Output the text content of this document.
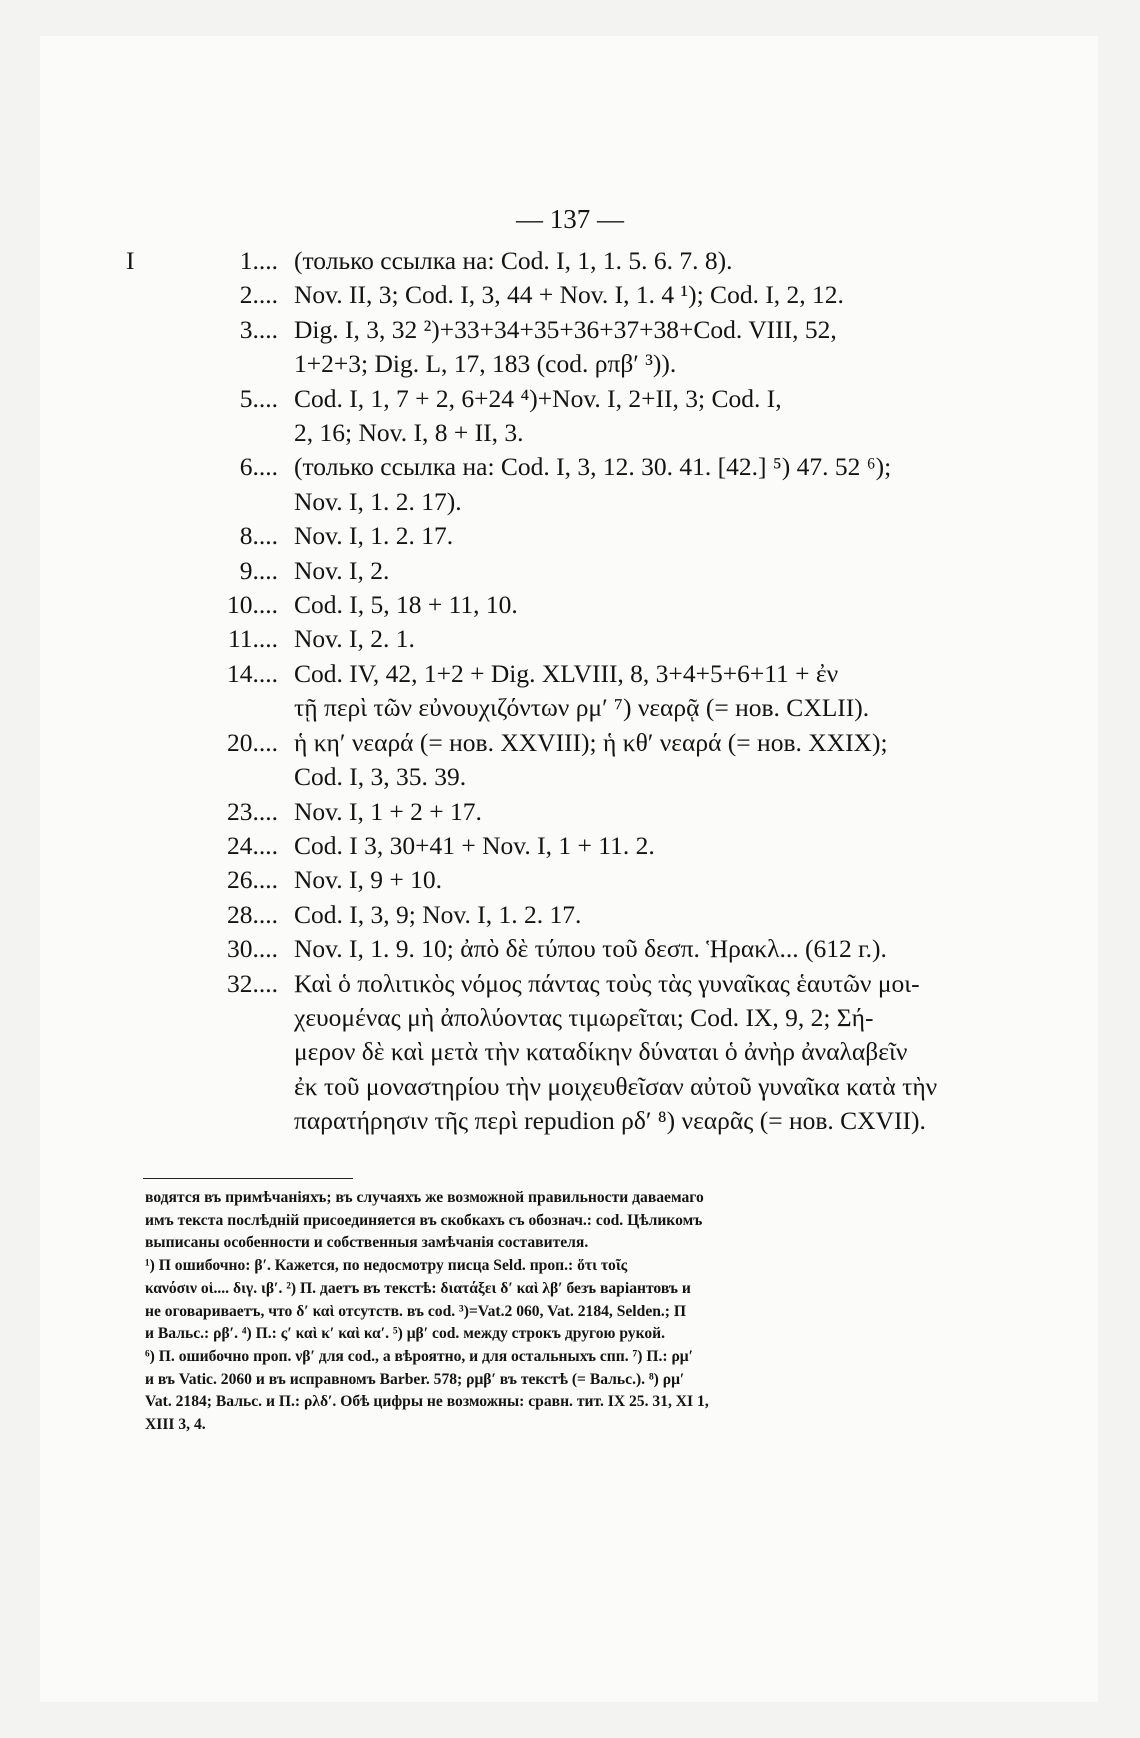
— 137 —
I	1.... (только ссылка на: Cod. I, 1, 1. 5. 6. 7. 8).
2.... Nov. II, 3; Cod. I, 3, 44 + Nov. I, 1. 4 ¹); Cod. I, 2, 12.
3.... Dig. I, 3, 32 ²)+33+34+35+36+37+38+Cod. VIII, 52,
1+2+3; Dig. L, 17, 183 (cod. ρπβ′ ³)).
5.... Cod. I, 1, 7 + 2, 6+24 ⁴)+Nov. I, 2+II, 3; Cod. I,
2, 16; Nov. I, 8 + II, 3.
6.... (только ссылка на: Cod. I, 3, 12. 30. 41. [42.] ⁵) 47. 52 ⁶);
Nov. I, 1. 2. 17).
8.... Nov. I, 1. 2. 17.
9.... Nov. I, 2.
10.... Cod. I, 5, 18 + 11, 10.
11.... Nov. I, 2. 1.
14.... Cod. IV, 42, 1+2 + Dig. XLVIII, 8, 3+4+5+6+11 + ἐν
τῇ περὶ τῶν εὐνουχιζόντων ρμ′ ⁷) νεαρᾷ (= нов. CXLII).
20.... ἡ κη′ νεαρά (= нов. XXVIII); ἡ κθ′ νεαρά (= нов. XXIX);
Cod. I, 3, 35. 39.
23.... Nov. I, 1 + 2 + 17.
24.... Cod. I 3, 30+41 + Nov. I, 1 + 11. 2.
26.... Nov. I, 9 + 10.
28.... Cod. I, 3, 9; Nov. I, 1. 2. 17.
30.... Nov. I, 1. 9. 10; ἀπὸ δὲ τύπου τοῦ δεσπ. Ἡρακλ... (612 г.).
32.... Καὶ ὁ πολιτικὸς νόμος πάντας τοὺς τὰς γυναῖκας ἑαυτῶν μοι-
χευομένας μὴ ἀπολύοντας τιμωρεῖται; Cod. IX, 9, 2; Σή-
μερον δὲ καὶ μετὰ τὴν καταδίκην δύναται ὁ ἀνὴρ ἀναλαβεῖν
ἐκ τοῦ μοναστηρίου τὴν μοιχευθεῖσαν αὐτοῦ γυναῖκα κατὰ τὴν
παρατήρησιν τῆς περὶ repudion ρδ′ ⁸) νεαρᾶς (= нов. CXVII).
водятся въ примѣчаніяхъ; въ случаяхъ же возможной правильности даваемаго
имъ текста послѣдній присоединяется въ скобкахъ съ обознач.: cod. Цѣликомъ
выписаны особенности и собственныя замѣчанія составителя.
¹) П ошибочно: β′. Кажется, по недосмотру писца Seld. проп.: ὅτι τοῖς
κανόσιν οἱ.... διγ. ιβ′. ²) П. даетъ въ текстѣ: διατάξει δ′ καὶ λβ′ безъ варіантовъ и
не оговариваетъ, что δ′ καὶ отсутств. въ cod. ³)=Vat.2 060, Vat. 2184, Selden.; П
и Вальс.: ρβ′. ⁴) П.: ς′ καὶ κ′ καὶ κα′. ⁵) μβ′ cod. между строкъ другою рукой.
⁶) П. ошибочно проп. νβ′ для cod., а вѣроятно, и для остальныхъ спп. ⁷) П.: ρμ′
и въ Vatic. 2060 и въ исправномъ Barber. 578; ρμβ′ въ текстѣ (= Вальс.). ⁸) ρμ′
Vat. 2184; Вальс. и П.: ρλδ′. Обѣ цифры не возможны: сравн. тит. IX 25. 31, XI 1,
XIII 3, 4.
